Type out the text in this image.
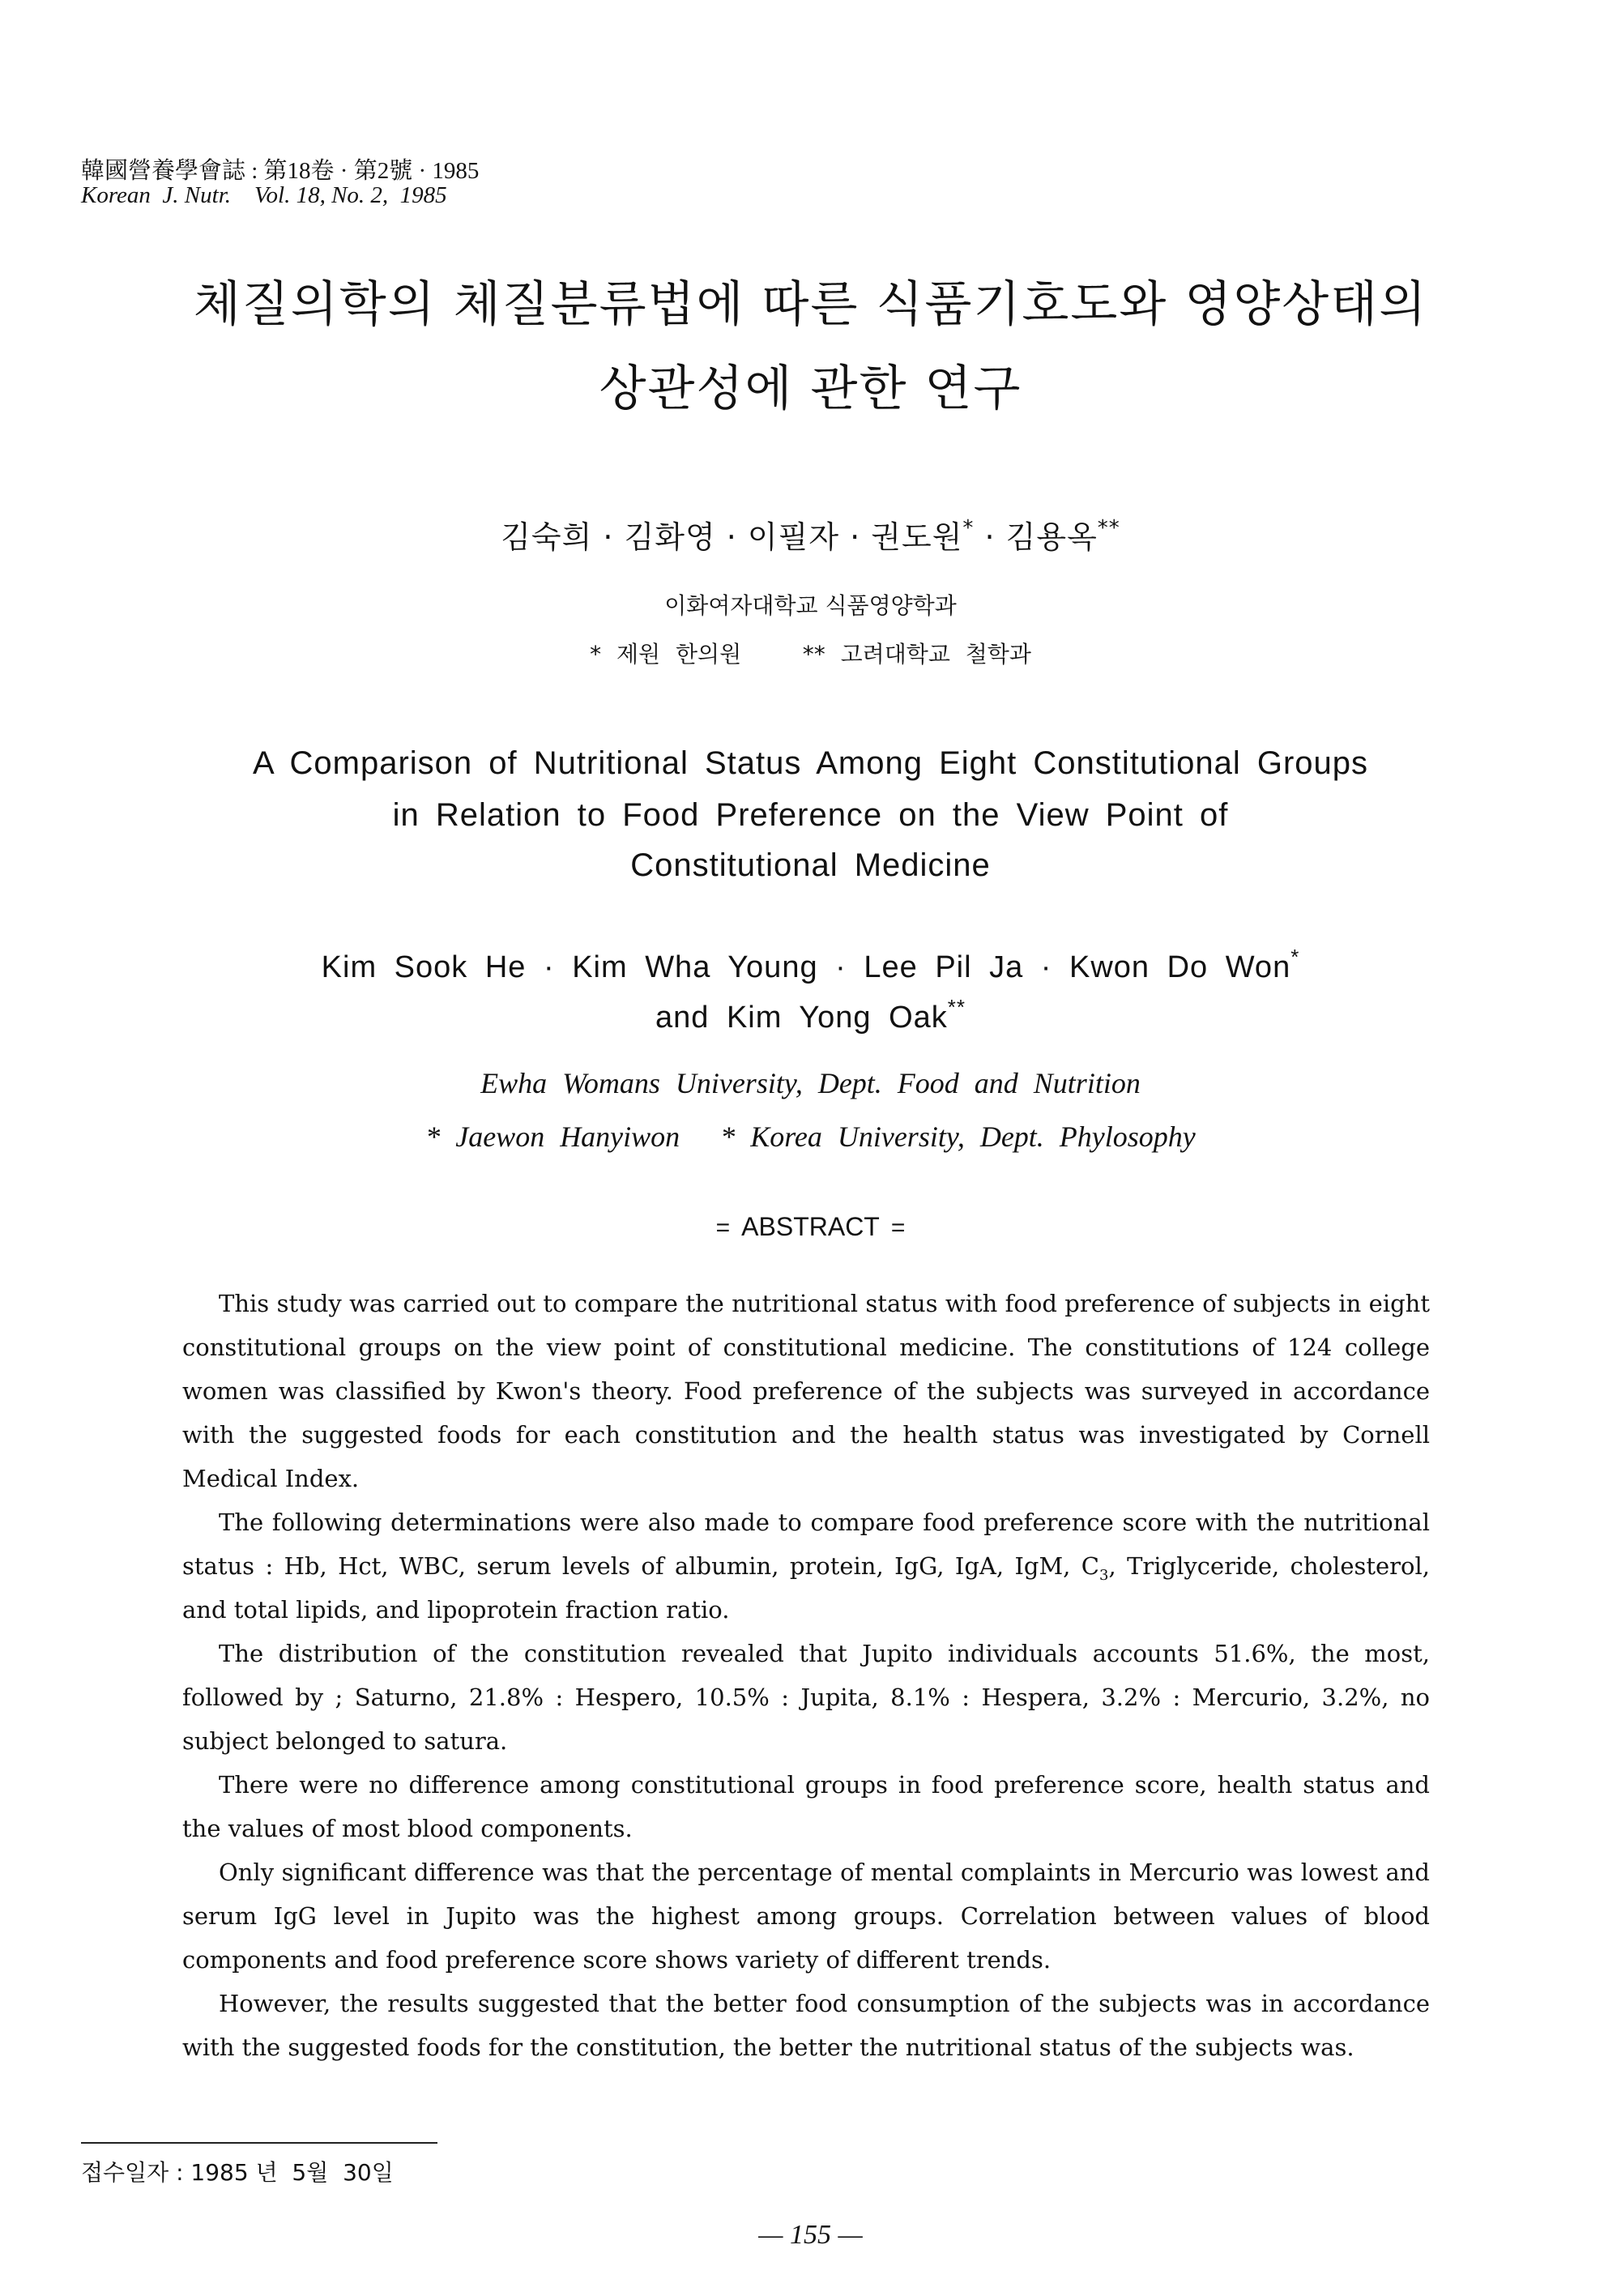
韓國營養學會誌 : 第18卷 · 第2號 · 1985
Korean  J. Nutr.    Vol. 18, No. 2,  1985
체질의학의 체질분류법에 따른 식품기호도와 영양상태의
상관성에 관한 연구
김숙희 · 김화영 · 이필자 · 권도원* · 김용옥**
이화여자대학교 식품영양학과
* 제원 한의원    ** 고려대학교 철학과
A Comparison of Nutritional Status Among Eight Constitutional Groups
in Relation to Food Preference on the View Point of
Constitutional Medicine
Kim Sook He · Kim Wha Young · Lee Pil Ja · Kwon Do Won*
and Kim Yong Oak**
Ewha Womans University, Dept. Food and Nutrition
* Jaewon Hanyiwon * Korea University, Dept. Phylosophy
= ABSTRACT =

This study was carried out to compare the nutritional status with food preference of subjects in eight constitutional groups on the view point of constitutional medicine. The constitutions of 124 college women was classified by Kwon's theory. Food preference of the subjects was surveyed in accordance with the suggested foods for each constitution and the health status was investigated by Cornell Medical Index.

The following determinations were also made to compare food preference score with the nutritional status : Hb, Hct, WBC, serum levels of albumin, protein, IgG, IgA, IgM, $C_3$, Triglyceride, cholesterol, and total lipids, and lipoprotein fraction ratio.

The distribution of the constitution revealed that Jupito individuals accounts 51.6%, the most, followed by ; Saturno, 21.8% : Hespero, 10.5% : Jupita, 8.1% : Hespera, 3.2% : Mercurio, 3.2%, no subject belonged to satura.

There were no difference among constitutional groups in food preference score, health status and the values of most blood components.

Only significant difference was that the percentage of mental complaints in Mercurio was lowest and serum IgG level in Jupito was the highest among groups. Correlation between values of blood components and food preference score shows variety of different trends.

However, the results suggested that the better food consumption of the subjects was in accordance with the suggested foods for the constitution, the better the nutritional status of the subjects was.

접수일자 : 1985 년  5월  30일
— 155 —
